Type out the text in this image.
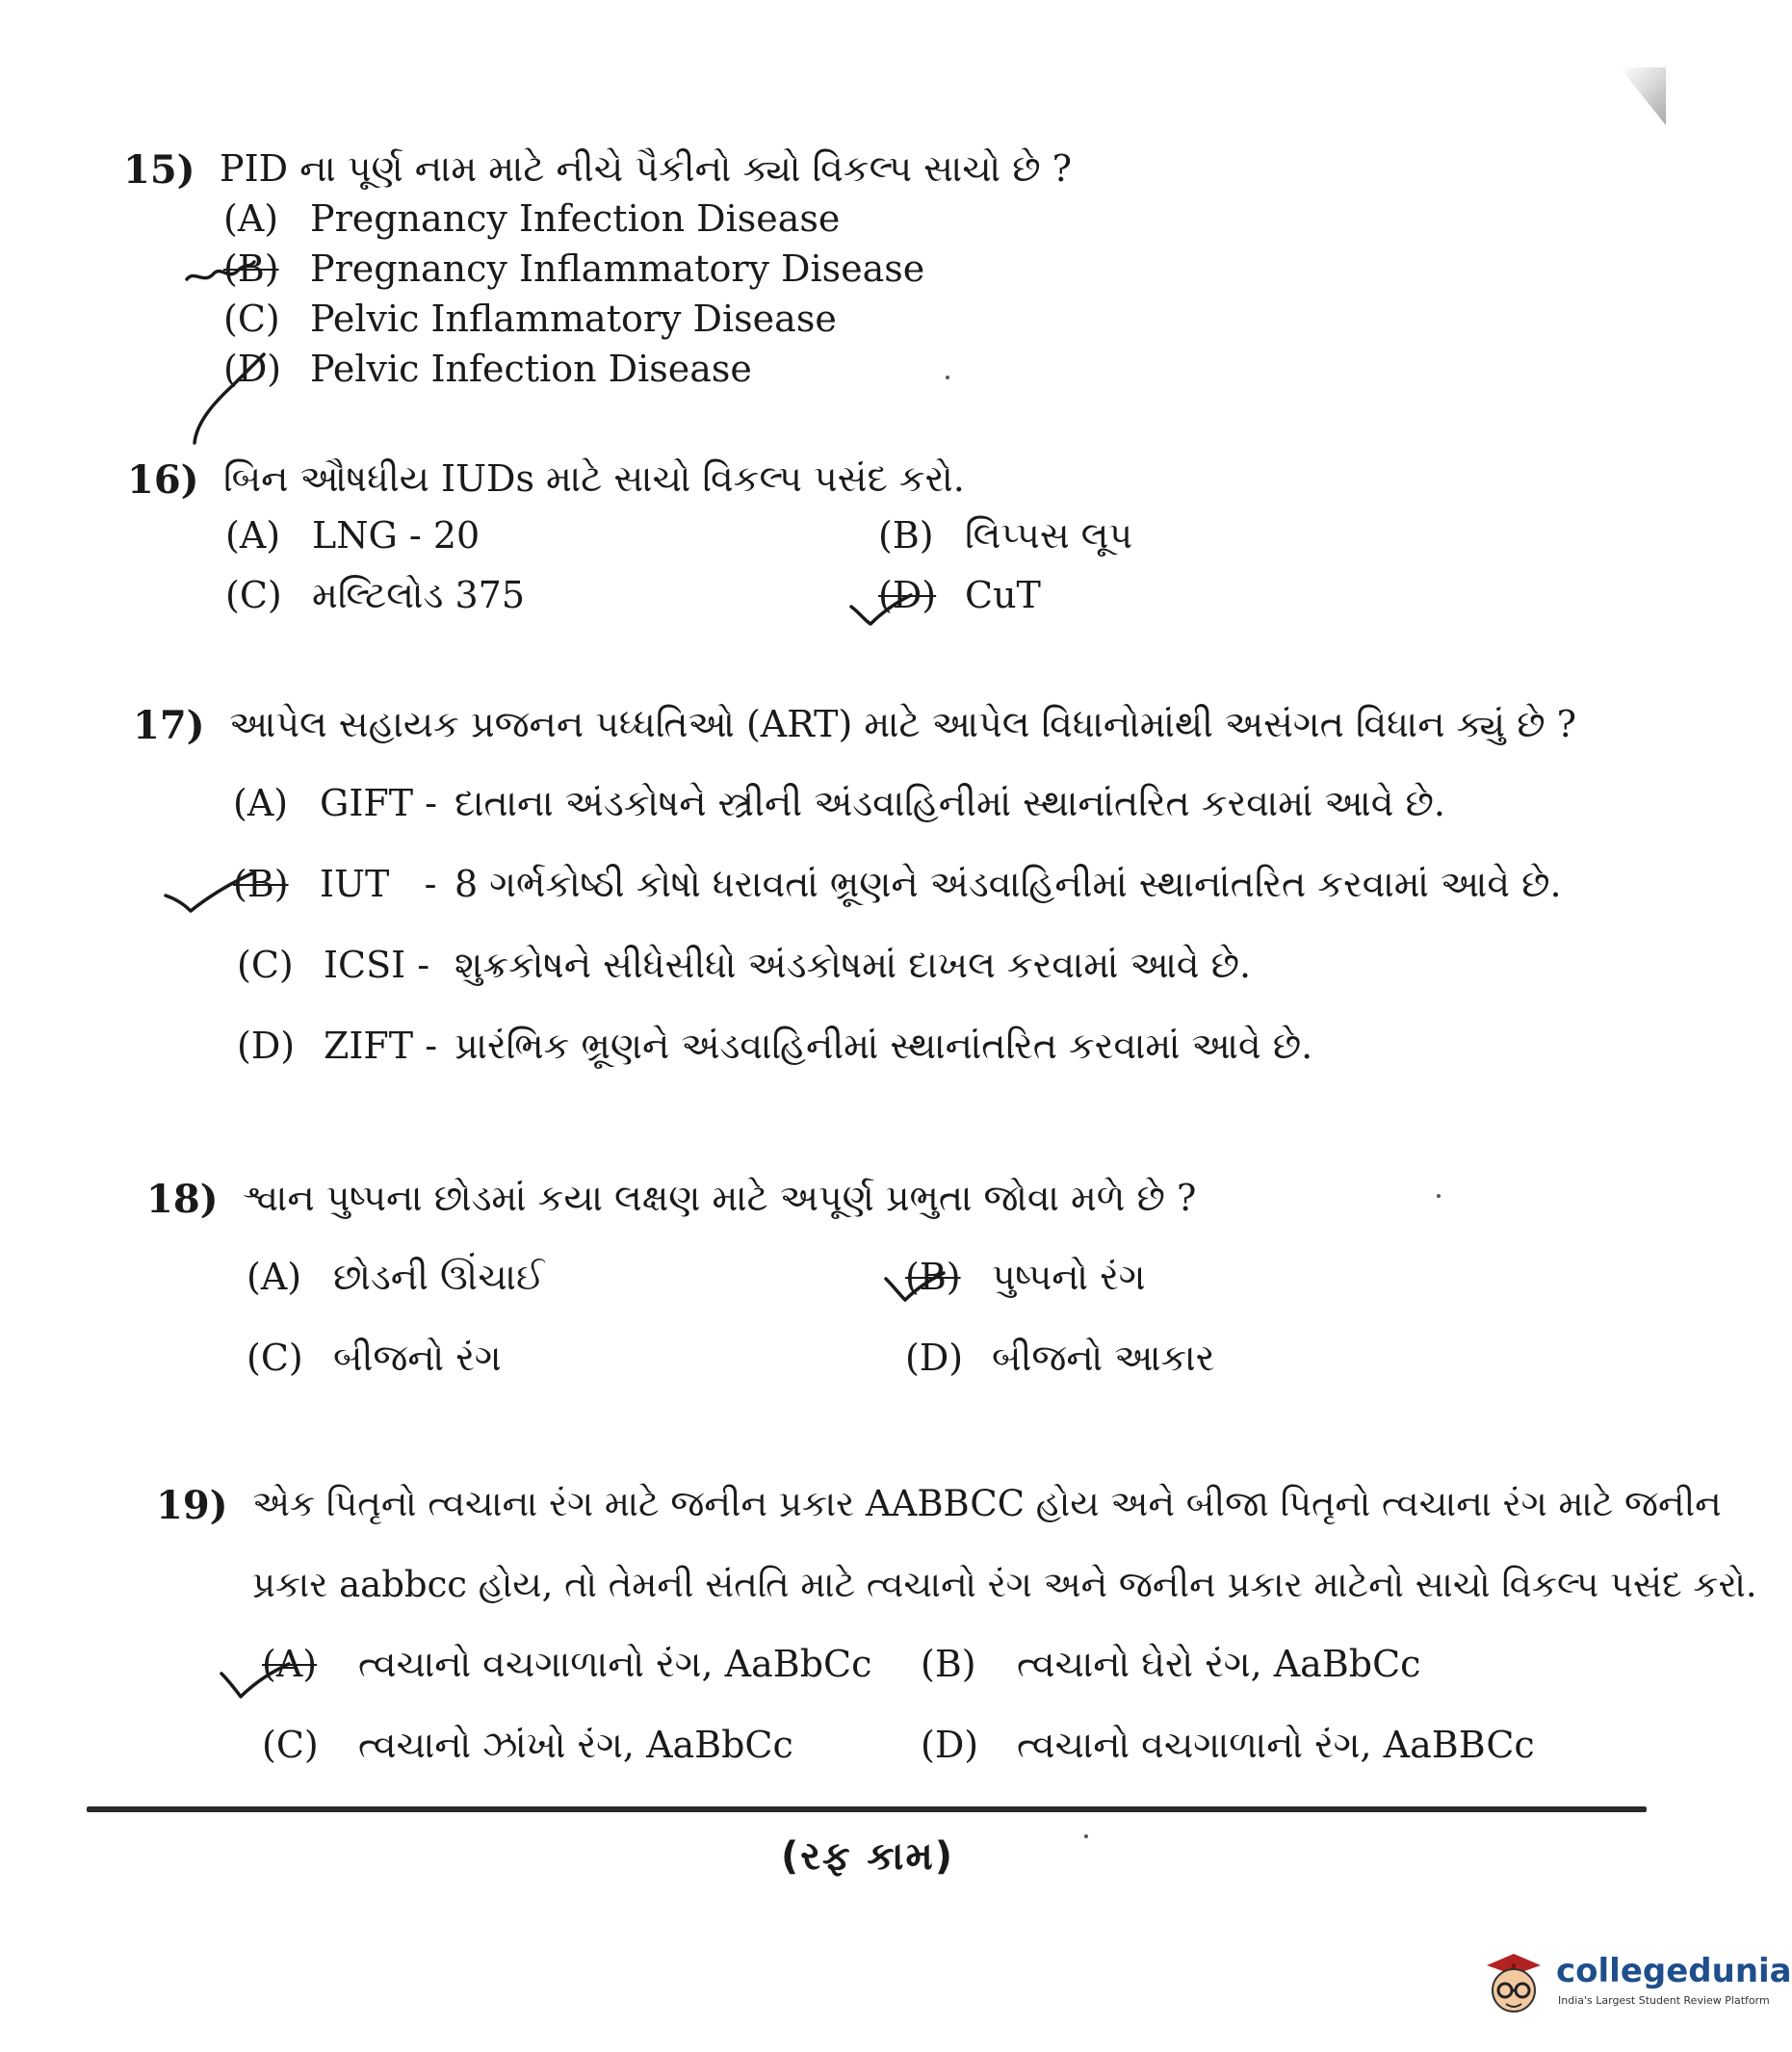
15) PID ના પૂર્ણ નામ માટે નીચે પૈકીનો ક્યો વિકલ્પ સાચો છે ?
(A) Pregnancy Infection Disease
(B) Pregnancy Inflammatory Disease
(C) Pelvic Inflammatory Disease
(D) Pelvic Infection Disease
16) બિન ઔષધીય IUDs માટે સાચો વિકલ્પ પસંદ કરો.
(A) LNG - 20	(B) લિપ્પસ લૂપ
(C) મલ્ટિલોડ 375	(D) CuT
17) આપેલ સહાયક પ્રજનન પધ્ધતિઓ (ART) માટે આપેલ વિધાનોમાંથી અસંગત વિધાન ક્યું છે ?
(A) GIFT - દાતાના અંડકોષને સ્ત્રીની અંડવાહિનીમાં સ્થાનાંતરિત કરવામાં આવે છે.
(B) IUT   - 8 ગર્ભકોષ્ઠી કોષો ધરાવતાં ભ્રૂણને અંડવાહિનીમાં સ્થાનાંતરિત કરવામાં આવે છે.
(C) ICSI - શુક્રકોષને સીધેસીધો અંડકોષમાં દાખલ કરવામાં આવે છે.
(D) ZIFT - પ્રારંભિક ભ્રૂણને અંડવાહિનીમાં સ્થાનાંતરિત કરવામાં આવે છે.
18) શ્વાન પુષ્પના છોડમાં કયા લક્ષણ માટે અપૂર્ણ પ્રભુતા જોવા મળે છે ?
(A) છોડની ઊંચાઈ	(B) પુષ્પનો રંગ
(C) બીજનો રંગ	(D) બીજનો આકાર
19) એક પિતૃનો ત્વચાના રંગ માટે જનીન પ્રકાર AABBCC હોય અને બીજા પિતૃનો ત્વચાના રંગ માટે જનીન
પ્રકાર aabbcc હોય, તો તેમની સંતતિ માટે ત્વચાનો રંગ અને જનીન પ્રકાર માટેનો સાચો વિકલ્પ પસંદ કરો.
(A) ત્વચાનો વચગાળાનો રંગ, AaBbCc (B) ત્વચાનો ઘેરો રંગ, AaBbCc
(C) ત્વચાનો ઝાંખો રંગ, AaBbCc	(D) ત્વચાનો વચગાળાનો રંગ, AaBBCc
(રફ કામ)
collegedunia
India's Largest Student Review Platform
